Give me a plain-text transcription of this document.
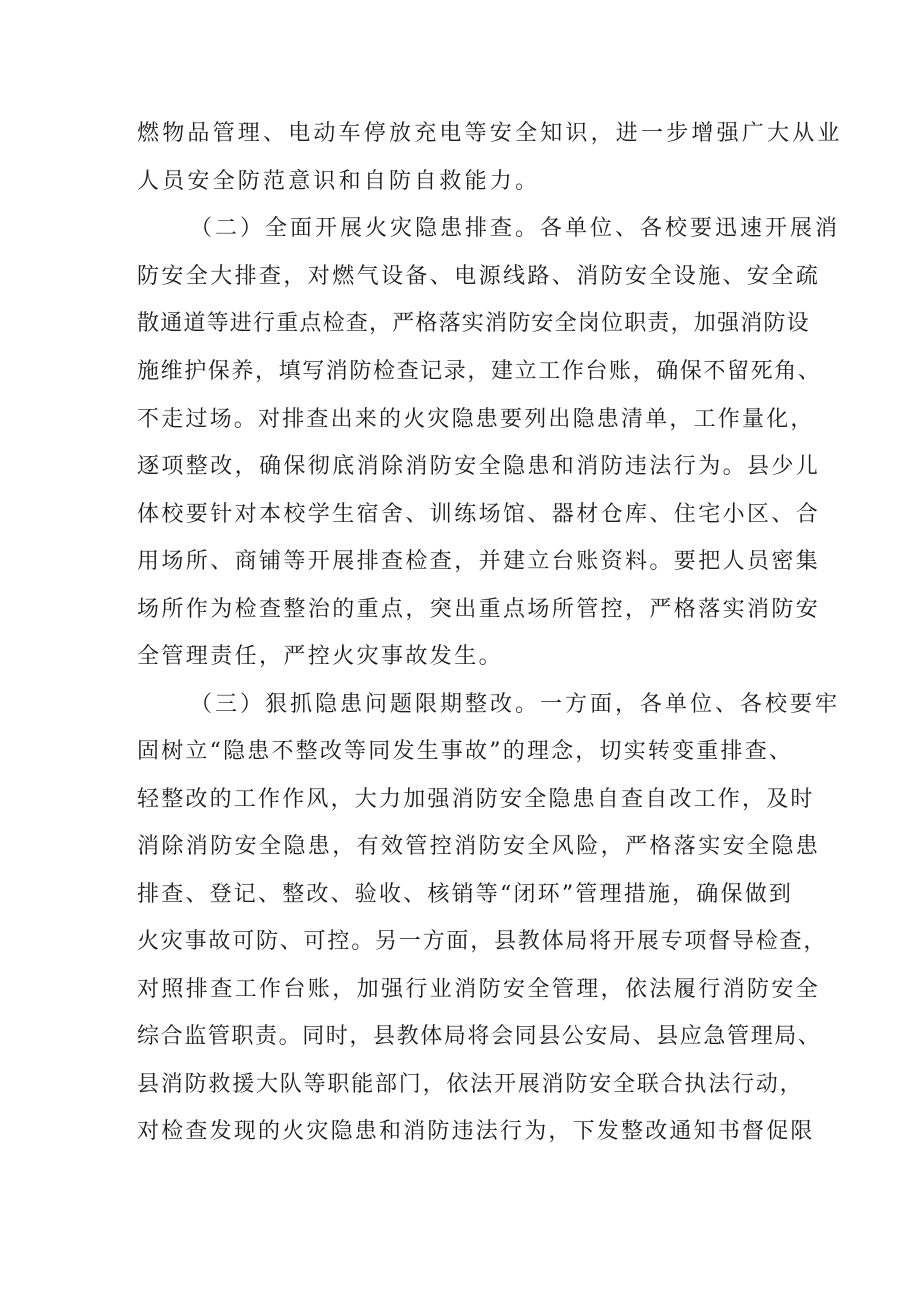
燃物品管理、电动车停放充电等安全知识，进一步增强广大从业

人员安全防范意识和自防自救能力。

（二）全面开展火灾隐患排查。各单位、各校要迅速开展消

防安全大排查，对燃气设备、电源线路、消防安全设施、安全疏

散通道等进行重点检查，严格落实消防安全岗位职责，加强消防设

施维护保养，填写消防检查记录，建立工作台账，确保不留死角、

不走过场。对排查出来的火灾隐患要列出隐患清单，工作量化，

逐项整改，确保彻底消除消防安全隐患和消防违法行为。县少儿

体校要针对本校学生宿舍、训练场馆、器材仓库、住宅小区、合

用场所、商铺等开展排查检查，并建立台账资料。要把人员密集

场所作为检查整治的重点，突出重点场所管控，严格落实消防安

全管理责任，严控火灾事故发生。

（三）狠抓隐患问题限期整改。一方面，各单位、各校要牢

固树立“隐患不整改等同发生事故”的理念，切实转变重排查、

轻整改的工作作风，大力加强消防安全隐患自查自改工作，及时

消除消防安全隐患，有效管控消防安全风险，严格落实安全隐患

排查、登记、整改、验收、核销等“闭环”管理措施，确保做到

火灾事故可防、可控。另一方面，县教体局将开展专项督导检查，

对照排查工作台账，加强行业消防安全管理，依法履行消防安全

综合监管职责。同时，县教体局将会同县公安局、县应急管理局、

县消防救援大队等职能部门，依法开展消防安全联合执法行动，

对检查发现的火灾隐患和消防违法行为，下发整改通知书督促限
